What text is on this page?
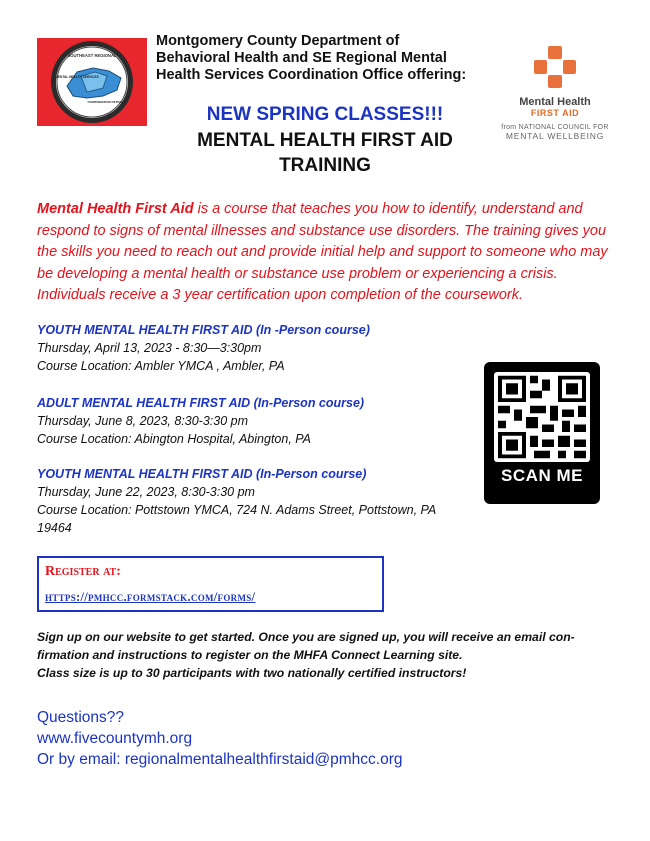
SOUTHEAST REGIONAL
MENTAL HEALTH SERVICES
COORDINATION OFFICE
Montgomery County Department of
Behavioral Health and SE Regional Mental
Health Services Coordination Office offering:
NEW SPRING CLASSES!!!
MENTAL HEALTH FIRST AID
TRAINING
Mental Health
FIRST AID
from NATIONAL COUNCIL FOR
MENTAL WELLBEING
Mental Health First Aid is a course that teaches you how to identify, understand and respond to signs of mental illnesses and substance use disorders. The training gives you the skills you need to reach out and provide initial help and support to someone who may be developing a mental health or substance use problem or experiencing a crisis. Individuals receive a 3 year certification upon completion of the coursework.
YOUTH MENTAL HEALTH FIRST AID (In -Person course)
Thursday, April 13, 2023 - 8:30—3:30pm
Course Location: Ambler YMCA , Ambler, PA
ADULT MENTAL HEALTH FIRST AID (In-Person course)
Thursday, June 8, 2023, 8:30-3:30 pm
Course Location: Abington Hospital, Abington, PA
YOUTH MENTAL HEALTH FIRST AID (In-Person course)
Thursday, June 22, 2023, 8:30-3:30 pm
Course Location: Pottstown YMCA, 724 N. Adams Street, Pottstown, PA 19464
SCAN ME
Register at:
https://pmhcc.formstack.com/forms/
Sign up on our website to get started. Once you are signed up, you will receive an email con-firmation and instructions to register on the MHFA Connect Learning site.
Class size is up to 30 participants with two nationally certified instructors!
Questions??
www.fivecountymh.org
Or by email: regionalmentalhealthfirstaid@pmhcc.org
